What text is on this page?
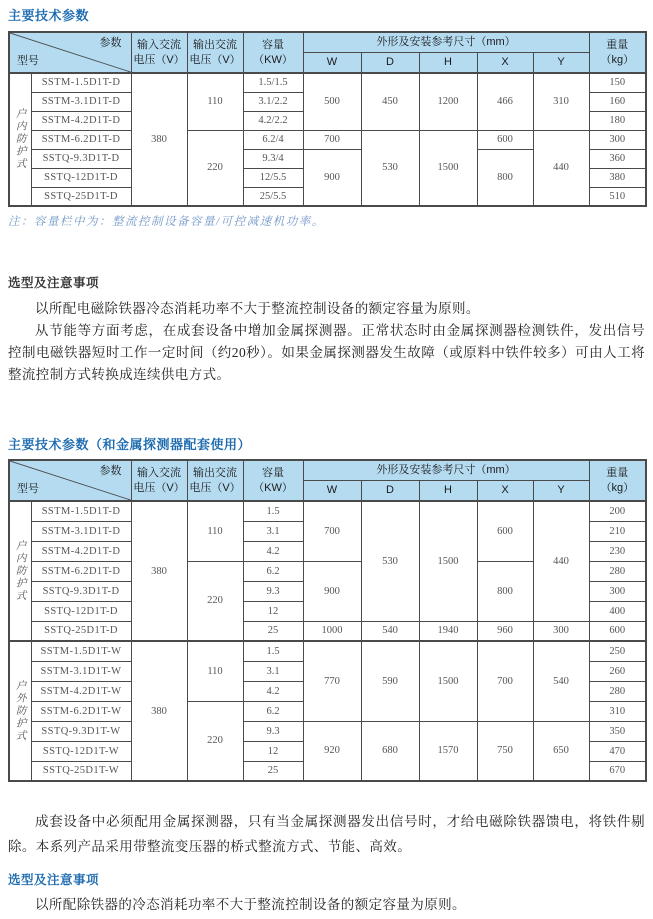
主要技术参数
参数
型号

输入交流
电压（V）

输出交流
电压（V）

容量
（KW）
	外形及安装参考尺寸（mm）	重量
（kg）

					W	D	H	X	Y	
户内防护式	SSTM-1.5D1T-D	380	110	1.5/1.5	500	450	1200	466	310	150
	SSTM-3.1D1T-D			3.1/2.2						160
	SSTM-4.2D1T-D			4.2/2.2						180
	SSTM-6.2D1T-D		220	6.2/4	700	530	1500	600	440	300
	SSTQ-9.3D1T-D			9.3/4	900			800		360
	SSTQ-12D1T-D			12/5.5						380
	SSTQ-25D1T-D			25/5.5						510
注：容量栏中为：整流控制设备容量/可控减速机功率。
选型及注意事项

以所配电磁除铁器冷态消耗功率不大于整流控制设备的额定容量为原则。

从节能等方面考虑，在成套设备中增加金属探测器。正常状态时由金属探测器检测铁件，发出信号控制电磁铁器短时工作一定时间（约20秒）。如果金属探测器发生故障（或原料中铁件较多）可由人工将整流控制方式转换成连续供电方式。

主要技术参数（和金属探测器配套使用）
参数
型号

输入交流
电压（V）

输出交流
电压（V）

容量
（KW）
	外形及安装参考尺寸（mm）	重量
（kg）

					W	D	H	X	Y	
户内防护式	SSTM-1.5D1T-D	380	110	1.5	700	530	1500	600	440	200
	SSTM-3.1D1T-D			3.1						210
	SSTM-4.2D1T-D			4.2						230
	SSTM-6.2D1T-D		220	6.2	900			800		280
	SSTQ-9.3D1T-D			9.3						300
	SSTQ-12D1T-D			12						400
	SSTQ-25D1T-D			25	1000	540	1940	960	300	600
户外防护式	SSTM-1.5D1T-W	380	110	1.5	770	590	1500	700	540	250
	SSTM-3.1D1T-W			3.1						260
	SSTM-4.2D1T-W			4.2						280
	SSTM-6.2D1T-W		220	6.2						310
	SSTQ-9.3D1T-W			9.3	920	680	1570	750	650	350
	SSTQ-12D1T-W			12						470
	SSTQ-25D1T-W			25						670

成套设备中必须配用金属探测器，只有当金属探测器发出信号时，才给电磁除铁器馈电，将铁件剔除。本系列产品采用带整流变压器的桥式整流方式、节能、高效。

选型及注意事项

以所配除铁器的冷态消耗功率不大于整流控制设备的额定容量为原则。
